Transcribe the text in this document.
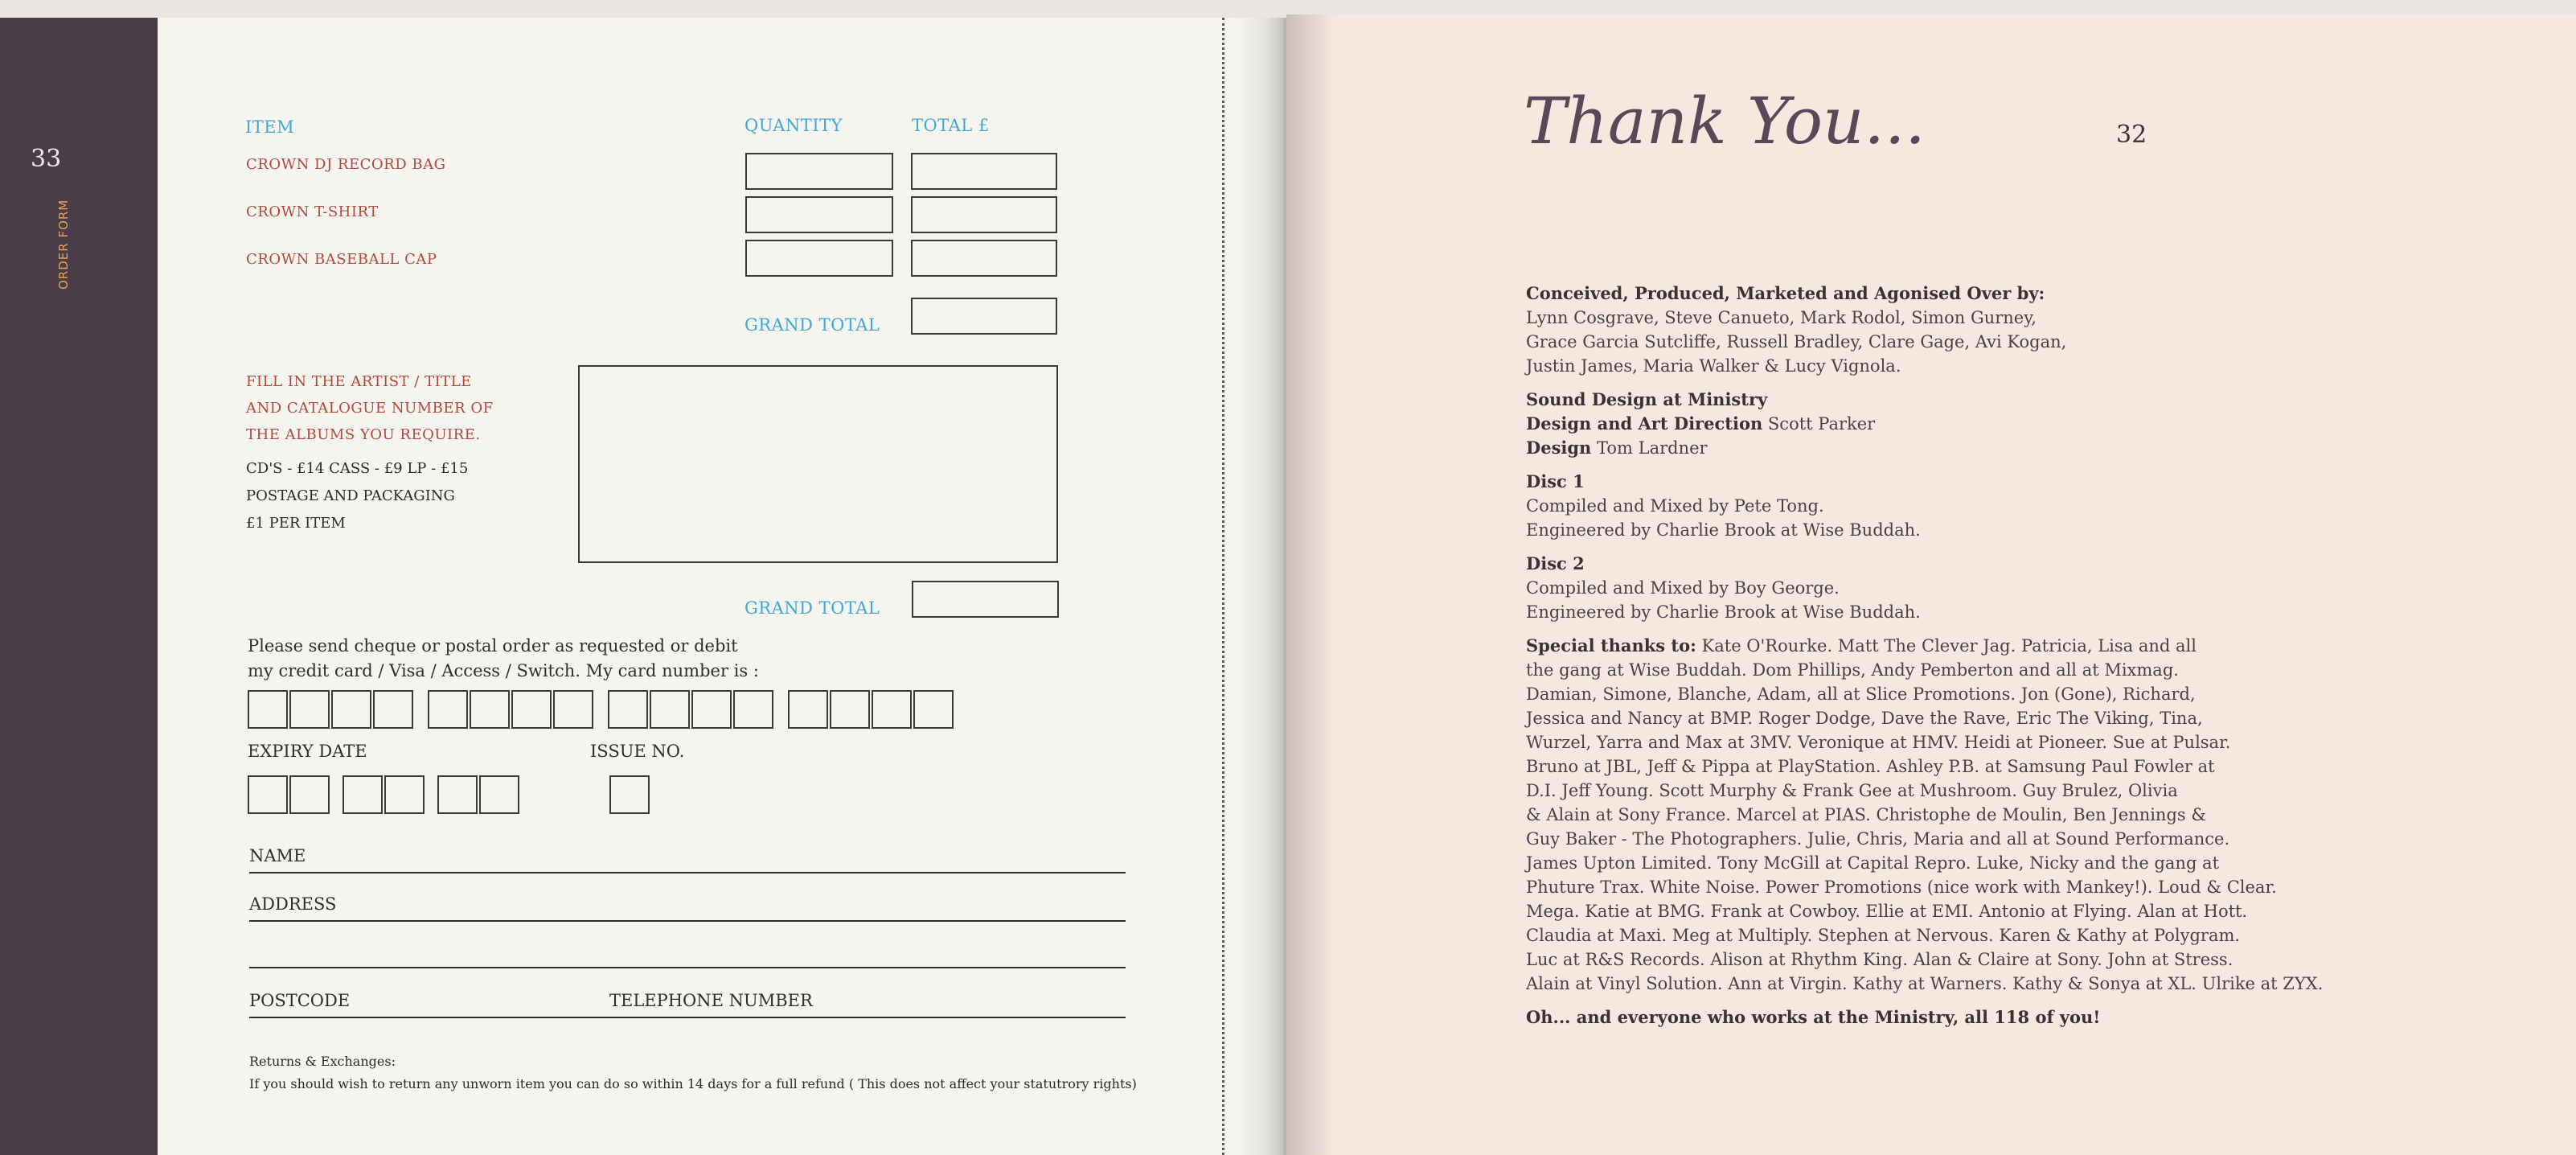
33
ORDER FORM
ITEM	QUANTITY	TOTAL £
CROWN DJ RECORD BAG
CROWN T-SHIRT
CROWN BASEBALL CAP
GRAND TOTAL
FILL IN THE ARTIST / TITLE
AND CATALOGUE NUMBER OF
THE ALBUMS YOU REQUIRE.
CD'S - £14 CASS - £9 LP - £15
POSTAGE AND PACKAGING
£1 PER ITEM
GRAND TOTAL
Please send cheque or postal order as requested or debit
my credit card / Visa / Access / Switch. My card number is :
EXPIRY DATE	ISSUE NO.
NAME
ADDRESS
POSTCODE	TELEPHONE NUMBER
Returns & Exchanges:
If you should wish to return any unworn item you can do so within 14 days for a full refund ( This does not affect your statutrory rights)
Thank You...	32
Conceived, Produced, Marketed and Agonised Over by:
Lynn Cosgrave, Steve Canueto, Mark Rodol, Simon Gurney,
Grace Garcia Sutcliffe, Russell Bradley, Clare Gage, Avi Kogan,
Justin James, Maria Walker & Lucy Vignola.
Sound Design at Ministry
Design and Art Direction Scott Parker
Design Tom Lardner
Disc 1
Compiled and Mixed by Pete Tong.
Engineered by Charlie Brook at Wise Buddah.
Disc 2
Compiled and Mixed by Boy George.
Engineered by Charlie Brook at Wise Buddah.
Special thanks to: Kate O'Rourke. Matt The Clever Jag. Patricia, Lisa and all
the gang at Wise Buddah. Dom Phillips, Andy Pemberton and all at Mixmag.
Damian, Simone, Blanche, Adam, all at Slice Promotions. Jon (Gone), Richard,
Jessica and Nancy at BMP. Roger Dodge, Dave the Rave, Eric The Viking, Tina,
Wurzel, Yarra and Max at 3MV. Veronique at HMV. Heidi at Pioneer. Sue at Pulsar.
Bruno at JBL, Jeff & Pippa at PlayStation. Ashley P.B. at Samsung Paul Fowler at
D.I. Jeff Young. Scott Murphy & Frank Gee at Mushroom. Guy Brulez, Olivia
& Alain at Sony France. Marcel at PIAS. Christophe de Moulin, Ben Jennings &
Guy Baker - The Photographers. Julie, Chris, Maria and all at Sound Performance.
James Upton Limited. Tony McGill at Capital Repro. Luke, Nicky and the gang at
Phuture Trax. White Noise. Power Promotions (nice work with Mankey!). Loud & Clear.
Mega. Katie at BMG. Frank at Cowboy. Ellie at EMI. Antonio at Flying. Alan at Hott.
Claudia at Maxi. Meg at Multiply. Stephen at Nervous. Karen & Kathy at Polygram.
Luc at R&S Records. Alison at Rhythm King. Alan & Claire at Sony. John at Stress.
Alain at Vinyl Solution. Ann at Virgin. Kathy at Warners. Kathy & Sonya at XL. Ulrike at ZYX.
Oh... and everyone who works at the Ministry, all 118 of you!
